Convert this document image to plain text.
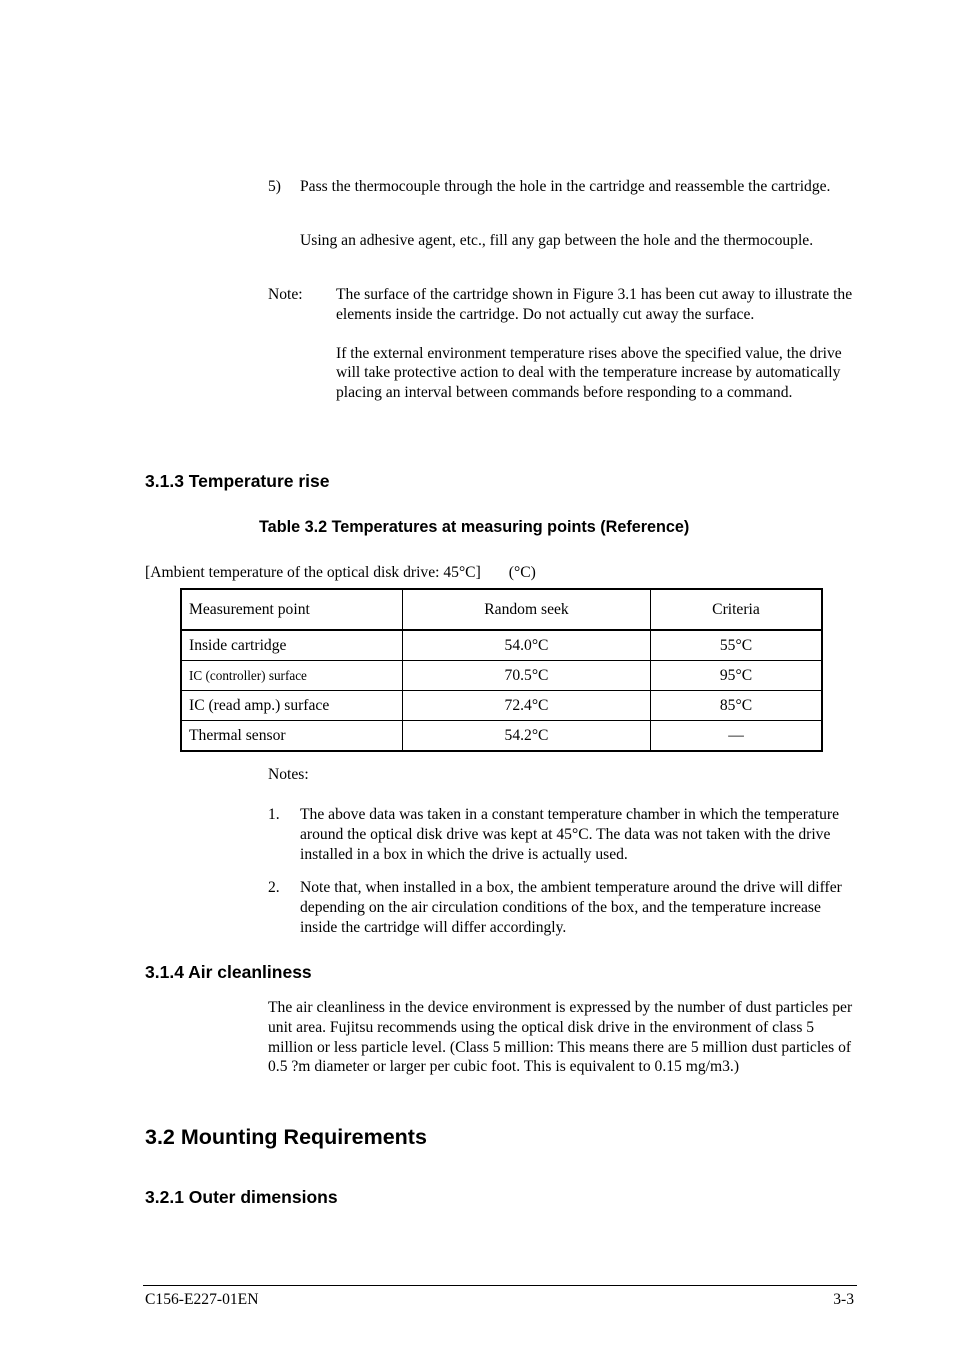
5) Pass the thermocouple through the hole in the cartridge and reassemble the cartridge.

Using an adhesive agent, etc., fill any gap between the hole and the thermocouple.

Note: The surface of the cartridge shown in Figure 3.1 has been cut away to illustrate the elements inside the cartridge. Do not actually cut away the surface.

If the external environment temperature rises above the specified value, the drive will take protective action to deal with the temperature increase by automatically placing an interval between commands before responding to a command.

3.1.3 Temperature rise
Table 3.2 Temperatures at measuring points (Reference)
[Ambient temperature of the optical disk drive: 45°C] (°C)
Measurement point	Random seek	Criteria
Inside cartridge	54.0°C	55°C
IC (controller) surface	70.5°C	95°C
IC (read amp.) surface	72.4°C	85°C
Thermal sensor	54.2°C	—
Notes:
1. The above data was taken in a constant temperature chamber in which the temperature around the optical disk drive was kept at 45°C. The data was not taken with the drive installed in a box in which the drive is actually used.

2. Note that, when installed in a box, the ambient temperature around the drive will differ depending on the air circulation conditions of the box, and the temperature increase inside the cartridge will differ accordingly.

3.1.4 Air cleanliness

The air cleanliness in the device environment is expressed by the number of dust particles per unit area. Fujitsu recommends using the optical disk drive in the environment of class 5 million or less particle level. (Class 5 million: This means there are 5 million dust particles of 0.5 ?m diameter or larger per cubic foot. This is equivalent to 0.15 mg/m3.)

3.2 Mounting Requirements
3.2.1 Outer dimensions
C156-E227-01EN	3-3
